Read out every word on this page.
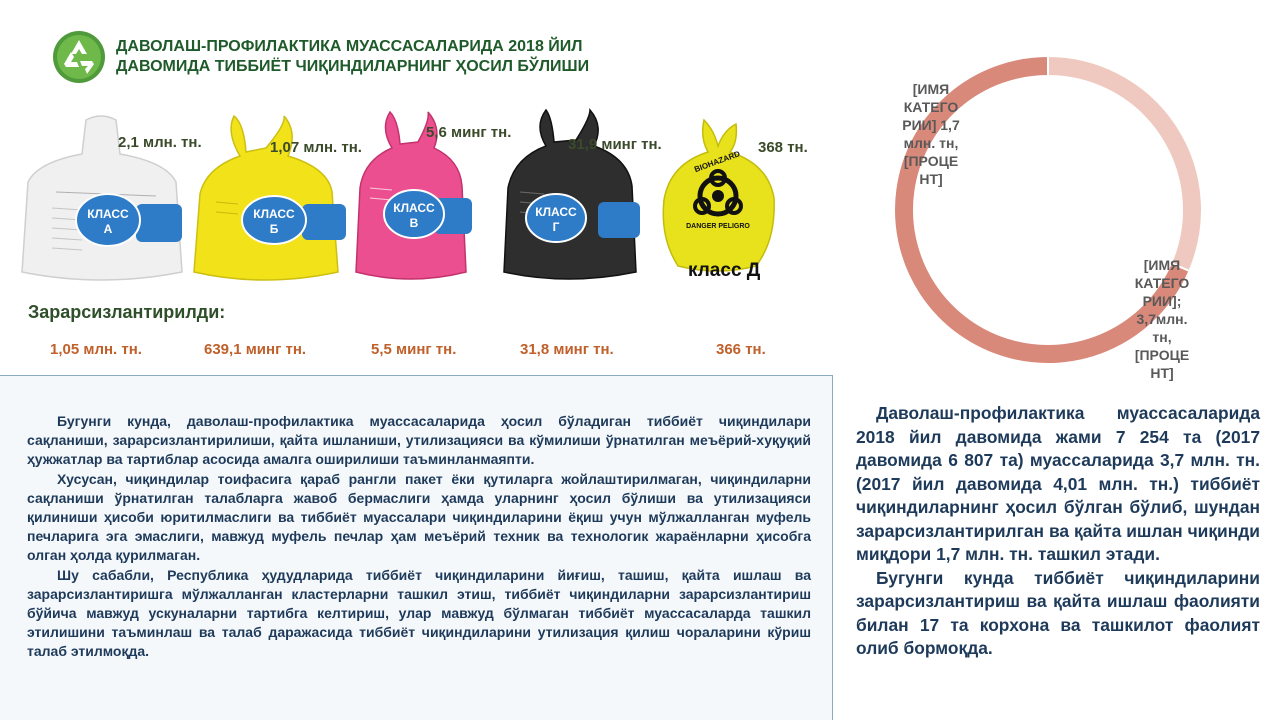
ДАВОЛАШ-ПРОФИЛАКТИКА МУАССАСАЛАРИДА 2018 ЙИЛ
ДАВОМИДА ТИББИЁТ ЧИҚИНДИЛАРНИНГ ҲОСИЛ БЎЛИШИ
КЛАСС
А
2,1 млн. тн.
КЛАСС
Б
1,07 млн. тн.
КЛАСС
В
5,6 минг тн.
КЛАСС
Г
31,9 минг тн.
BIOHAZARD
DANGER PELIGRO
368 тн.
класс Д
Зарарсизлантирилди:
1,05 млн. тн.	639,1 минг тн.	5,5 минг тн.	31,8 минг тн.	366 тн.

Бугунги кунда, даволаш-профилактика муассасаларида ҳосил бўладиган тиббиёт чиқиндилари сақланиши, зарарсизлантирилиши, қайта ишланиши, утилизацияси ва кўмилиши ўрнатилган меъёрий-хуқуқий ҳужжатлар ва тартиблар асосида амалга оширилиши таъминланмаяпти.

Хусусан, чиқиндилар тоифасига қараб рангли пакет ёки қутиларга жойлаштирилмаган, чиқиндиларни сақланиши ўрнатилган талабларга жавоб бермаслиги ҳамда уларнинг ҳосил бўлиши ва утилизацияси қилиниши ҳисоби юритилмаслиги ва тиббиёт муассалари чиқиндиларини ёқиш учун мўлжалланган муфель печларига эга эмаслиги, мавжуд муфель печлар ҳам меъёрий техник ва технологик жараёнларни ҳисобга олган ҳолда қурилмаган.

Шу сабабли, Республика ҳудудларида тиббиёт чиқиндиларини йиғиш, ташиш, қайта ишлаш ва зарарсизлантиришга мўлжалланган кластерларни ташкил этиш, тиббиёт чиқиндиларни зарарсизлантириш бўйича мавжуд ускуналарни тартибга келтириш, улар мавжуд бўлмаган тиббиёт муассасаларда ташкил этилишини таъминлаш ва талаб даражасида тиббиёт чиқиндиларини утилизация қилиш чораларини кўриш талаб этилмоқда.

Даволаш-профилактика муассасаларида 2018 йил давомида жами 7 254 та (2017 давомида 6 807 та) муассаларида 3,7 млн. тн. (2017 йил давомида 4,01 млн. тн.) тиббиёт чиқиндиларнинг ҳосил бўлган бўлиб, шундан зарарсизлантирилган ва қайта ишлан чиқинди миқдори 1,7 млн. тн. ташкил этади.

Бугунги кунда тиббиёт чиқиндиларини зарарсизлантириш ва қайта ишлаш фаолияти билан 17 та корхона ва ташкилот фаолият олиб бормоқда.

[ИМЯ
КАТЕГО
РИИ] 1,7
млн. тн,
[ПРОЦЕ
НТ]
[ИМЯ
КАТЕГО
РИИ];
3,7млн.
тн,
[ПРОЦЕ
НТ]
